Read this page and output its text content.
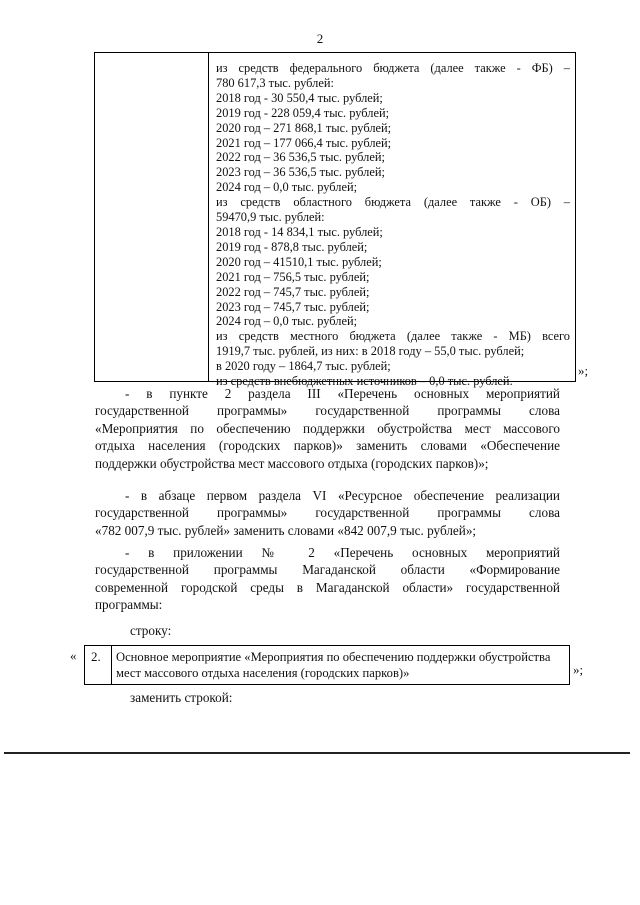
2
из средств федерального бюджета (далее также - ФБ) –
780 617,3 тыс. рублей:
2018 год - 30 550,4 тыс. рублей;
2019 год - 228 059,4 тыс. рублей;
2020 год – 271 868,1 тыс. рублей;
2021 год – 177 066,4 тыс. рублей;
2022 год – 36 536,5 тыс. рублей;
2023 год – 36 536,5 тыс. рублей;
2024 год – 0,0 тыс. рублей;
из средств областного бюджета (далее также - ОБ) –
59470,9 тыс. рублей:
2018 год - 14 834,1 тыс. рублей;
2019 год - 878,8 тыс. рублей;
2020 год – 41510,1 тыс. рублей;
2021 год – 756,5 тыс. рублей;
2022 год – 745,7 тыс. рублей;
2023 год – 745,7 тыс. рублей;
2024 год – 0,0 тыс. рублей;
из средств местного бюджета (далее также - МБ) всего
1919,7 тыс. рублей, из них: в 2018 году – 55,0 тыс. рублей;
в 2020 году – 1864,7 тыс. рублей;
из средств внебюджетных источников – 0,0 тыс. рублей.
»;
- в пункте 2 раздела III «Перечень основных мероприятий
государственной программы» государственной программы слова
«Мероприятия по обеспечению поддержки обустройства мест массового
отдыха населения (городских парков)» заменить словами «Обеспечение
поддержки обустройства мест массового отдыха (городских парков)»;
- в абзаце первом раздела VI «Ресурсное обеспечение реализации
государственной программы» государственной программы слова
«782 007,9 тыс. рублей» заменить словами «842 007,9 тыс. рублей»;
- в приложении № 2 «Перечень основных мероприятий
государственной программы Магаданской области «Формирование
современной городской среды в Магаданской области» государственной
программы:
строку:
« 2. Основное мероприятие «Мероприятия по обеспечению поддержки обустройства мест массового отдыха населения (городских парков)»	»;
заменить строкой:
